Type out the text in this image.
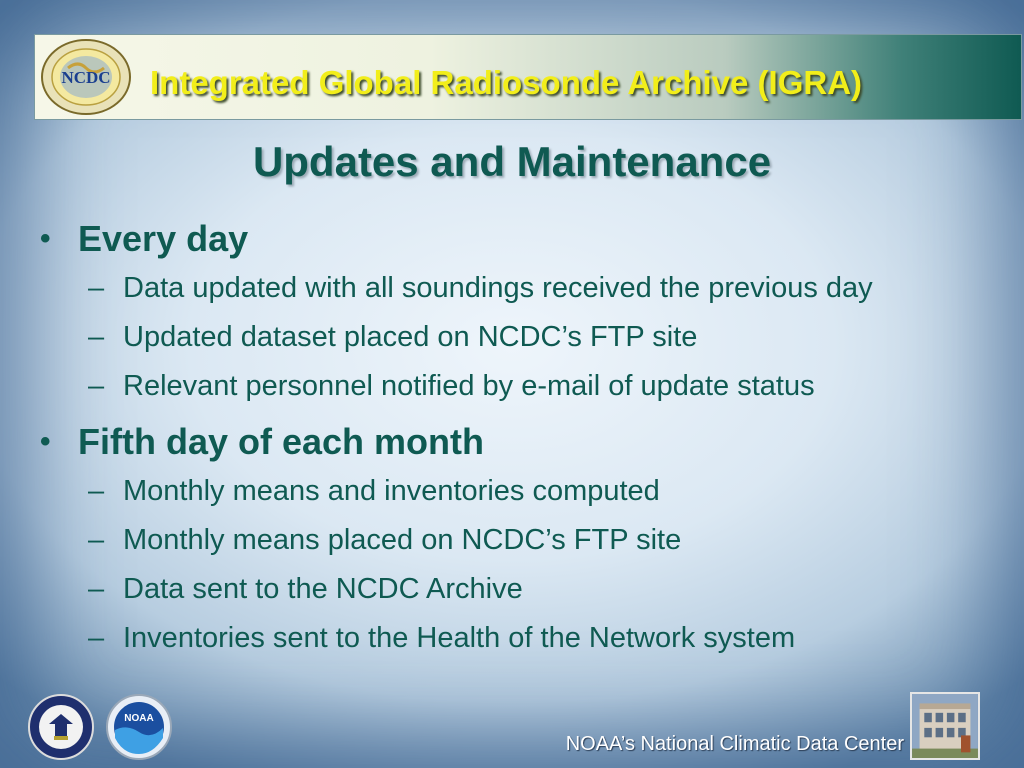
NCDC Integrated Global Radiosonde Archive (IGRA)
Updates and Maintenance
• Every day
– Data updated with all soundings received the previous day
– Updated dataset placed on NCDC’s FTP site
– Relevant personnel notified by e-mail of update status
• Fifth day of each month
– Monthly means and inventories computed
– Monthly means placed on NCDC’s FTP site
– Data sent to the NCDC Archive
– Inventories sent to the Health of the Network system
NOAA
NOAA’s National Climatic Data Center
